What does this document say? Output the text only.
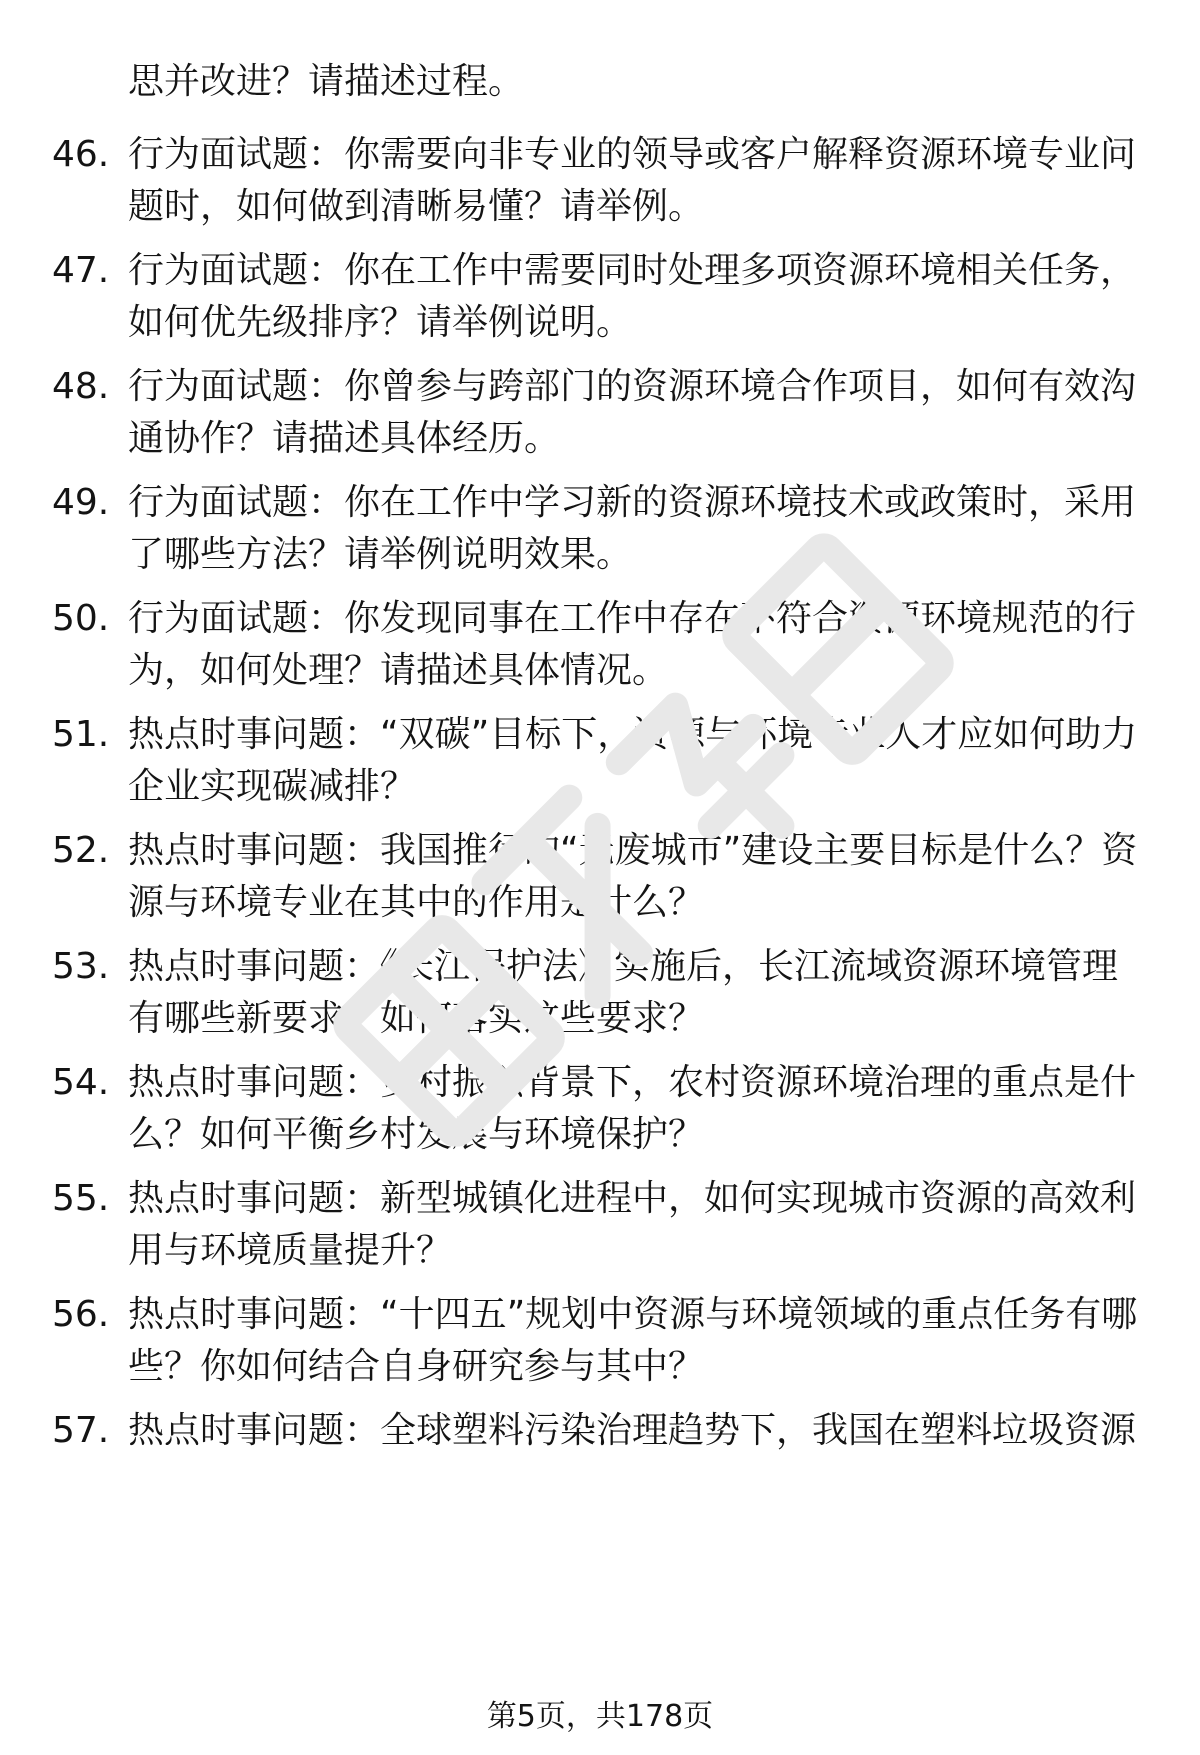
思并改进？请描述过程。
46. 行为面试题：你需要向非专业的领导或客户解释资源环境专业问题时，如何做到清晰易懂？请举例。
47. 行为面试题：你在工作中需要同时处理多项资源环境相关任务，如何优先级排序？请举例说明。
48. 行为面试题：你曾参与跨部门的资源环境合作项目，如何有效沟通协作？请描述具体经历。
49. 行为面试题：你在工作中学习新的资源环境技术或政策时，采用了哪些方法？请举例说明效果。
50. 行为面试题：你发现同事在工作中存在不符合资源环境规范的行为，如何处理？请描述具体情况。
51. 热点时事问题：“双碳”目标下，资源与环境专业人才应如何助力企业实现碳减排？
52. 热点时事问题：我国推行的“无废城市”建设主要目标是什么？资源与环境专业在其中的作用是什么？
53. 热点时事问题：《长江保护法》实施后，长江流域资源环境管理有哪些新要求？如何落实这些要求？
54. 热点时事问题：乡村振兴背景下，农村资源环境治理的重点是什么？如何平衡乡村发展与环境保护？
55. 热点时事问题：新型城镇化进程中，如何实现城市资源的高效利用与环境质量提升？
56. 热点时事问题：“十四五”规划中资源与环境领域的重点任务有哪些？你如何结合自身研究参与其中？
57. 热点时事问题：全球塑料污染治理趋势下，我国在塑料垃圾资源
第5页，共178页
